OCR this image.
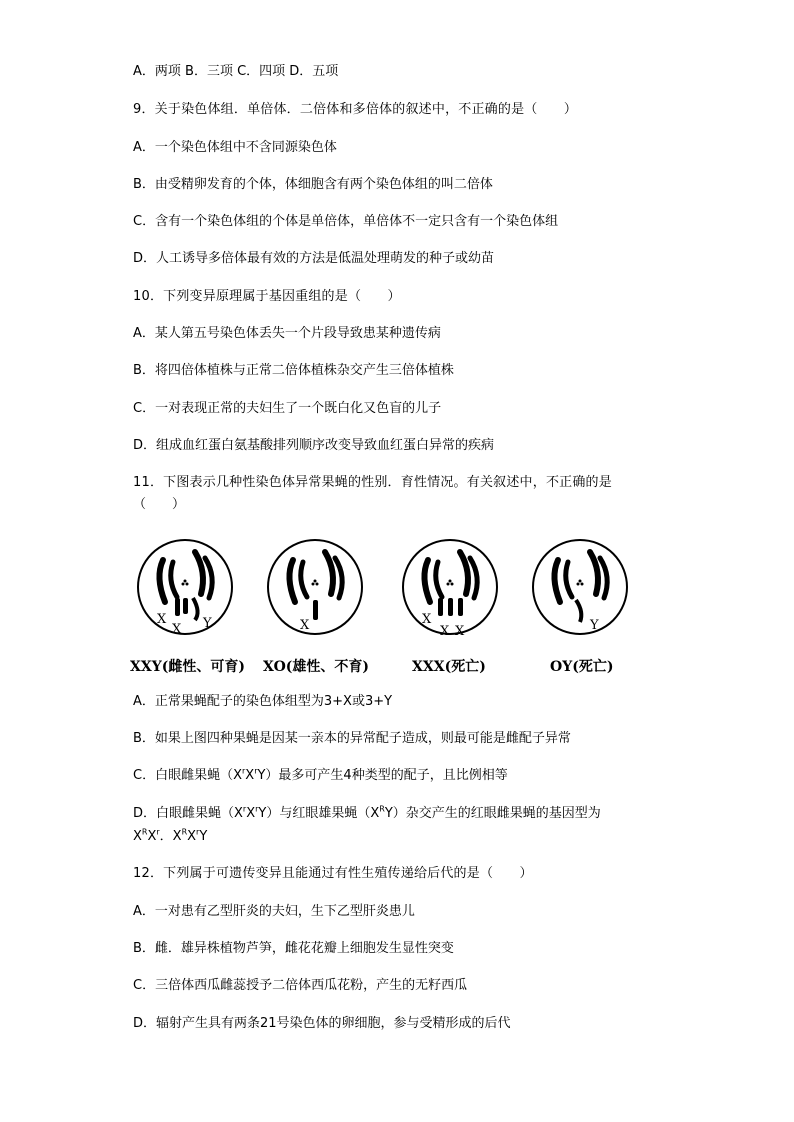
A．两项 B．三项 C．四项 D．五项
9．关于染色体组．单倍体．二倍体和多倍体的叙述中，不正确的是（　　）
A．一个染色体组中不含同源染色体
B．由受精卵发育的个体，体细胞含有两个染色体组的叫二倍体
C．含有一个染色体组的个体是单倍体，单倍体不一定只含有一个染色体组
D．人工诱导多倍体最有效的方法是低温处理萌发的种子或幼苗
10．下列变异原理属于基因重组的是（　　）
A．某人第五号染色体丢失一个片段导致患某种遗传病
B．将四倍体植株与正常二倍体植株杂交产生三倍体植株
C．一对表现正常的夫妇生了一个既白化又色盲的儿子
D．组成血红蛋白氨基酸排列顺序改变导致血红蛋白异常的疾病
11．下图表示几种性染色体异常果蝇的性别．育性情况。有关叙述中，不正确的是
（　　）
X
X Y
XXY(雌性、可育)
X
XO(雄性、不育)
X
X X
XXX(死亡)
Y
OY(死亡)
A．正常果蝇配子的染色体组型为3+X或3+Y
B．如果上图四种果蝇是因某一亲本的异常配子造成，则最可能是雌配子异常
C．白眼雌果蝇$(X^rX^rY)$最多可产生4种类型的配子，且比例相等
D．白眼雌果蝇$(X^rX^rY)$与红眼雄果蝇$(X^RY)$杂交产生的红眼雌果蝇的基因型为
$X^RX^r$．$X^RX^rY$
12．下列属于可遗传变异且能通过有性生殖传递给后代的是（　　）
A．一对患有乙型肝炎的夫妇，生下乙型肝炎患儿
B．雌．雄异株植物芦笋，雌花花瓣上细胞发生显性突变
C．三倍体西瓜雌蕊授予二倍体西瓜花粉，产生的无籽西瓜
D．辐射产生具有两条21号染色体的卵细胞，参与受精形成的后代
